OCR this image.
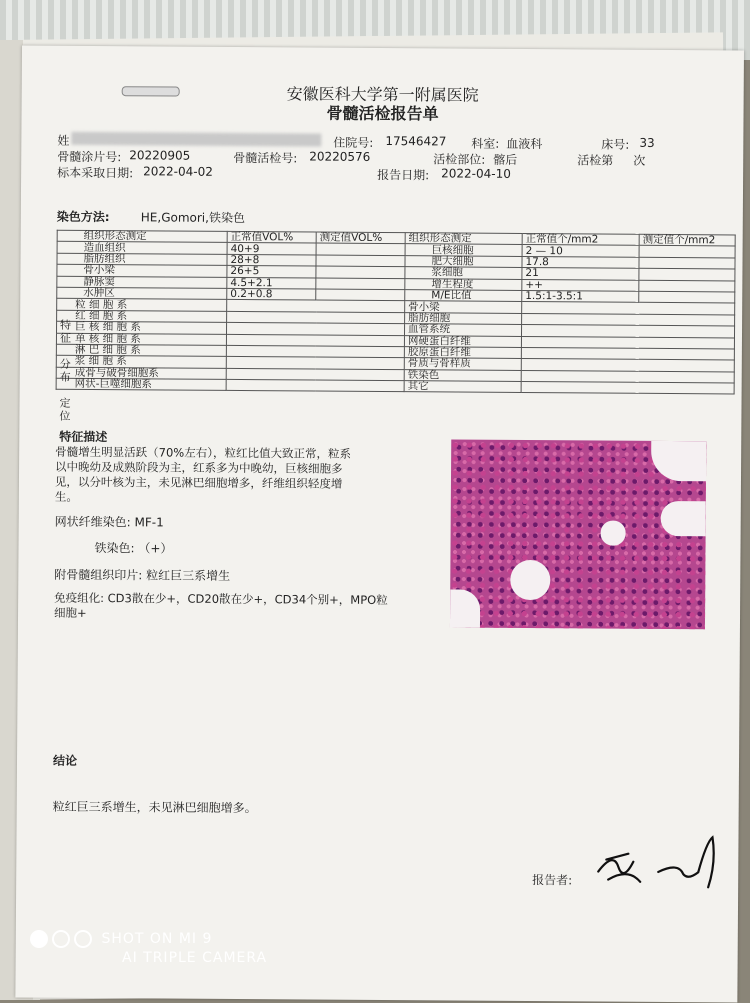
安徽医科大学第一附属医院
骨髓活检报告单
姓	住院号: 17546427 科室: 血液科	床号: 33
骨髓涂片号: 20220905	骨髓活检号: 20220576	活检部位: 髂后	活检第 次
标本采取日期: 2022-04-02	报告日期: 2022-04-10
染色方法:	HE,Gomori,铁染色
组织形态测定	正常值VOL%	测定值VOL%	组织形态测定	正常值个/mm2	测定值个/mm2
造血组织	40+9		巨核细胞	2 — 10	
脂肪组织	28+8		肥大细胞	17.8	
骨小梁	26+5		浆细胞	21	
静脉窦	4.5+2.1		增生程度	++	
水肿区	0.2+0.8		M/E比值	1.5:1-3.5:1	
粒 细 胞 系			骨小梁		
红 细 胞 系			脂肪细胞		
巨 核 细 胞 系			血管系统		
单 核 细 胞 系			网硬蛋白纤维		
淋 巴 细 胞 系			胶原蛋白纤维		
浆 细 胞 系			骨质与骨样质		
成骨与破骨细胞系			铁染色		
网状-巨噬细胞系			其它		
特
征
分
布
定
位
特征描述
骨髓增生明显活跃（70%左右），粒红比值大致正常，粒系
以中晚幼及成熟阶段为主，红系多为中晚幼，巨核细胞多
见，以分叶核为主，未见淋巴细胞增多，纤维组织轻度增
生。
网状纤维染色: MF-1
铁染色: （+）
附骨髓组织印片: 粒红巨三系增生
免疫组化: CD3散在少+，CD20散在少+，CD34个别+，MPO粒
细胞+
结论
粒红巨三系增生，未见淋巴细胞增多。
报告者:
SHOT ON MI 9
AI TRIPLE CAMERA
